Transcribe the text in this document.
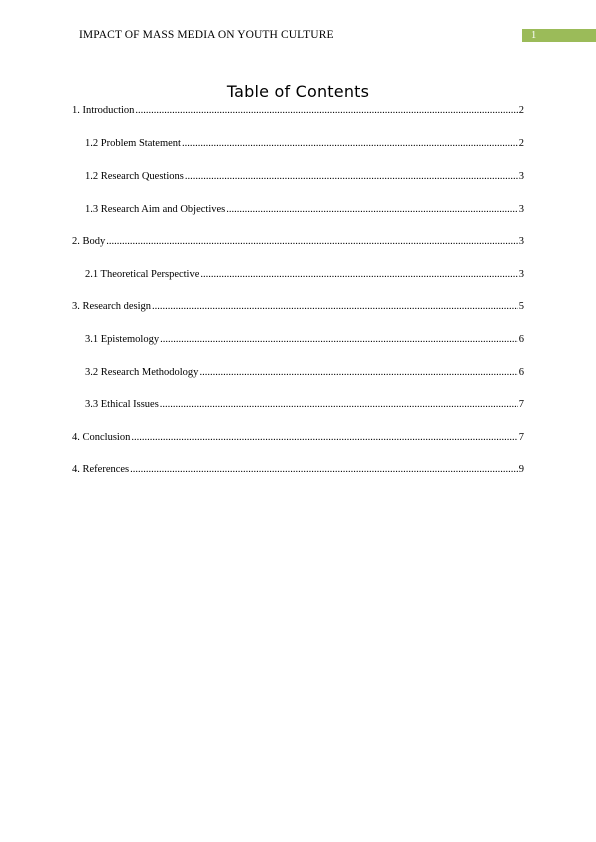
IMPACT OF MASS MEDIA ON YOUTH CULTURE	1
Table of Contents
1. Introduction .....	2
1.2 Problem Statement .....	2
1.2 Research Questions .....	3
1.3 Research Aim and Objectives .....	3
2. Body .....	3
2.1 Theoretical Perspective .....	3
3. Research design .....	5
3.1 Epistemology .....	6
3.2 Research Methodology .....	6
3.3 Ethical Issues .....	7
4. Conclusion .....	7
4. References .....	9
